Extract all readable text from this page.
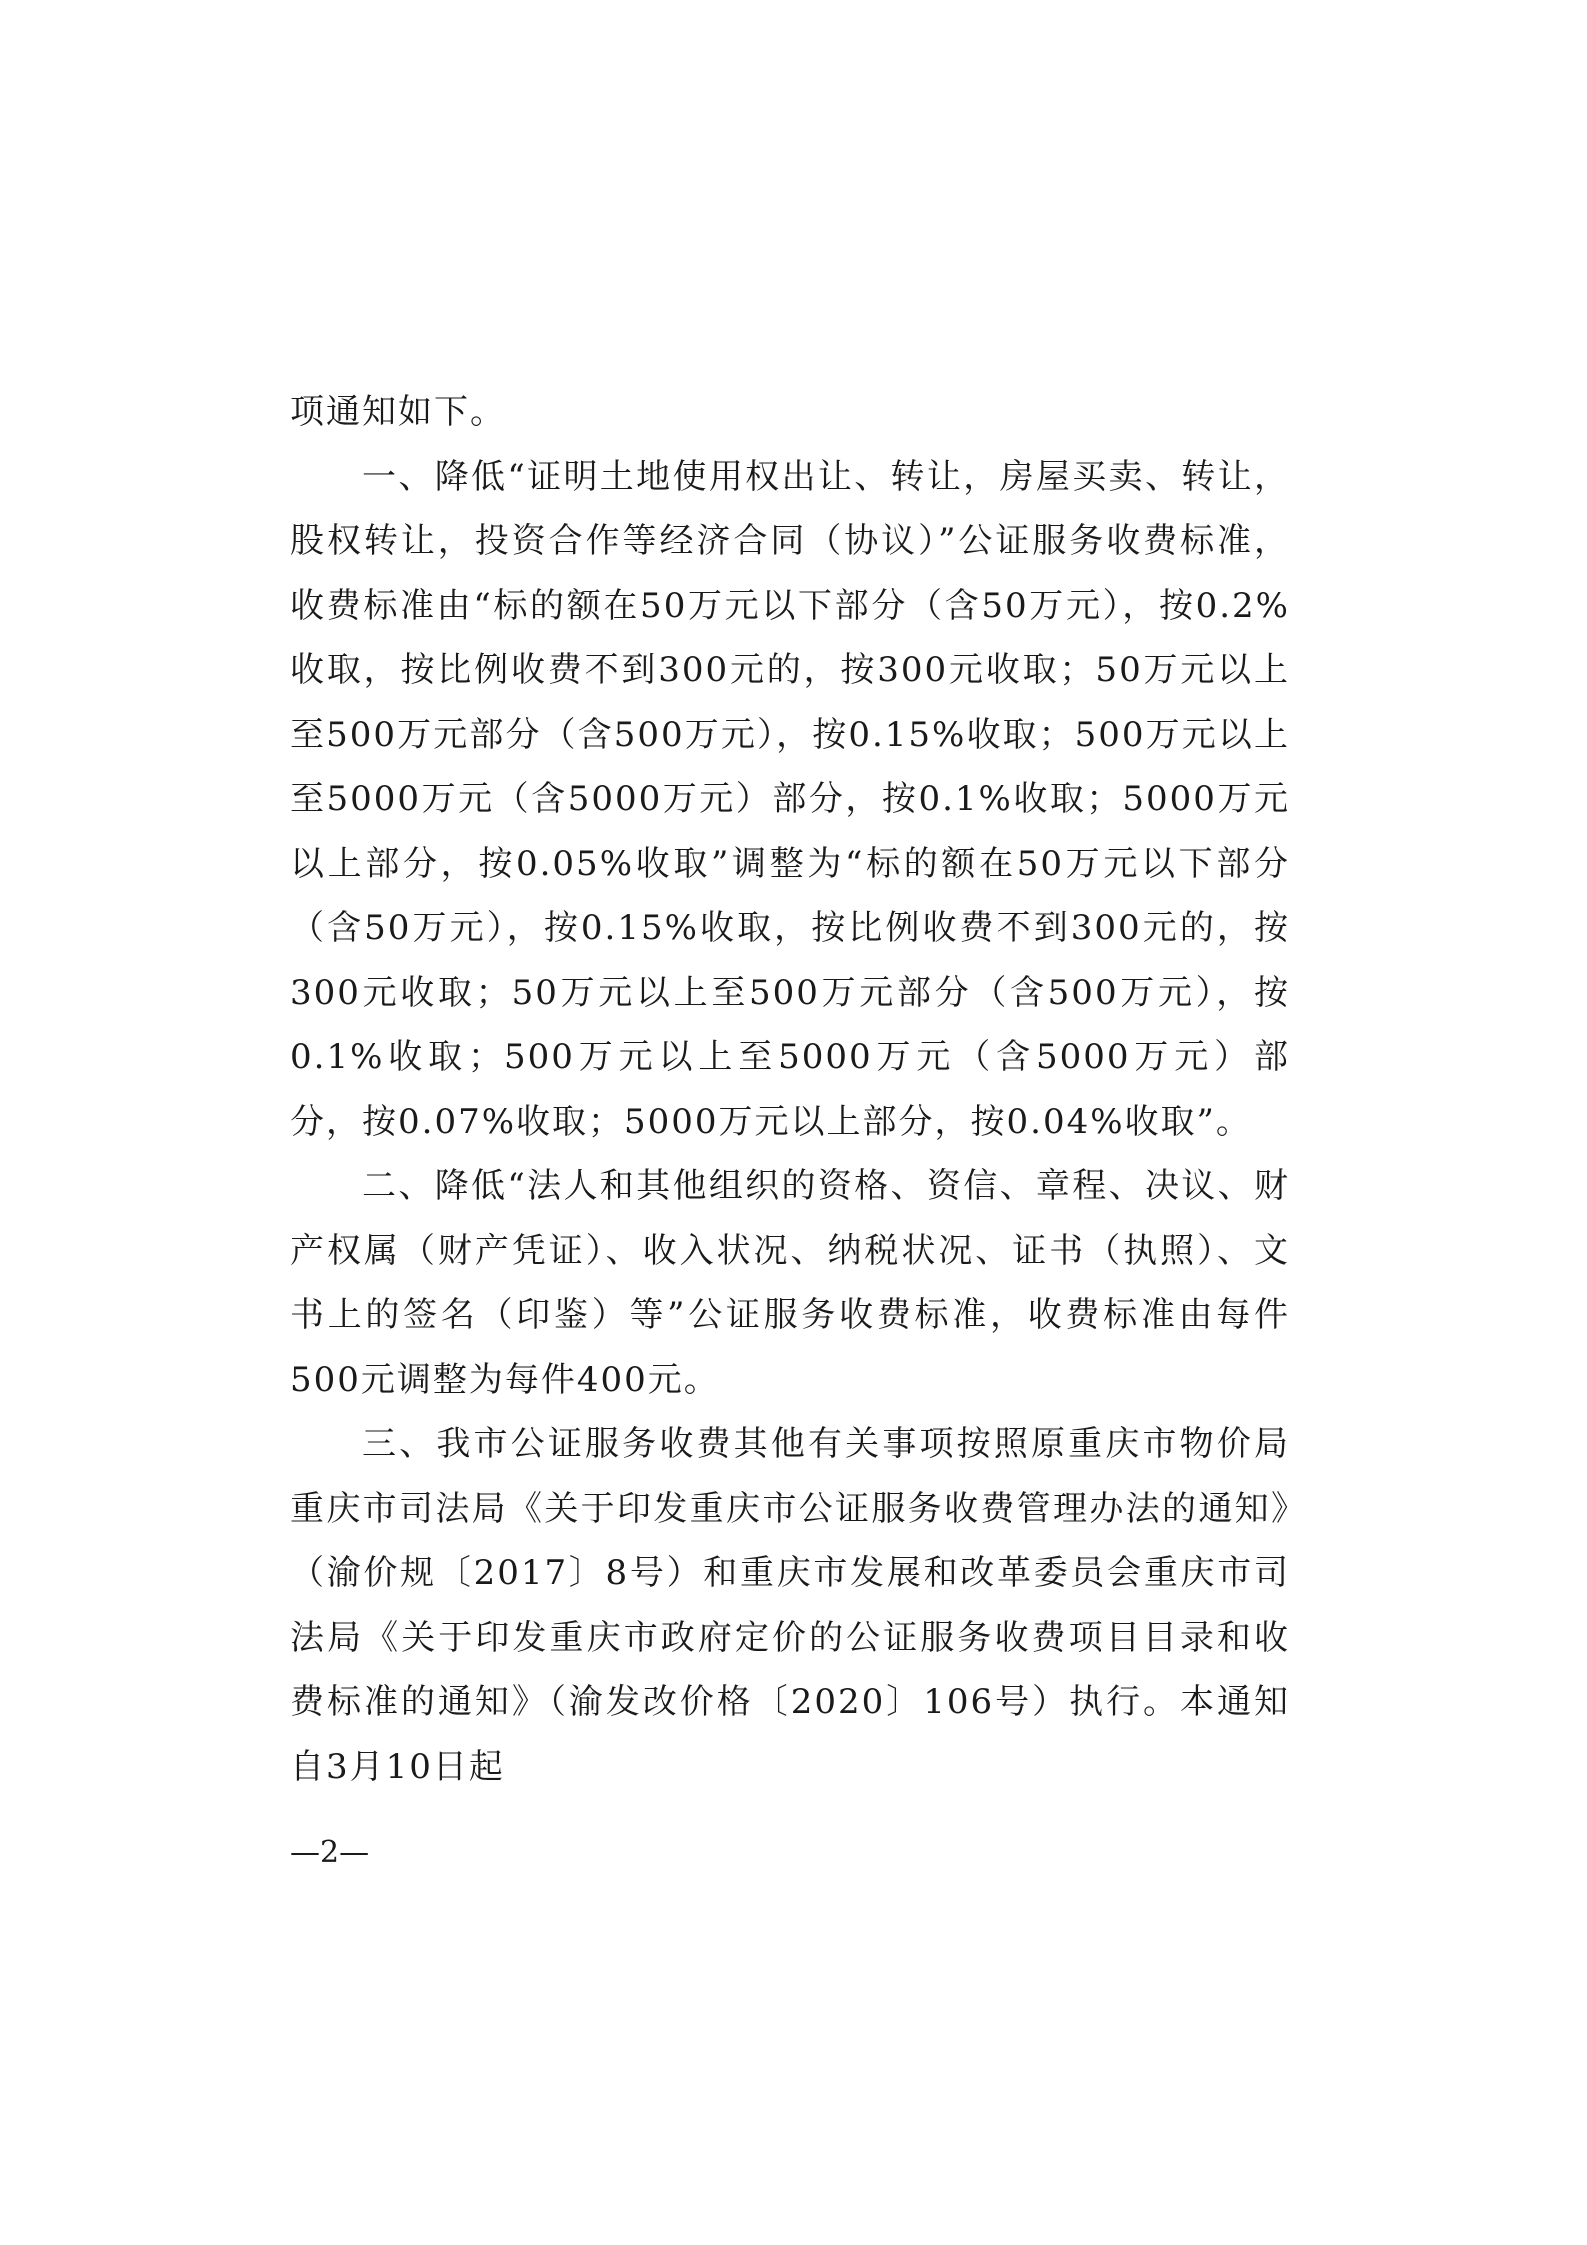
项通知如下。

一、降低“证明土地使用权出让、转让，房屋买卖、转让，股权转让，投资合作等经济合同（协议）”公证服务收费标准，收费标准由“标的额在50万元以下部分（含50万元），按0.2%收取，按比例收费不到300元的，按300元收取；50万元以上至500万元部分（含500万元），按0.15%收取；500万元以上至5000万元（含5000万元）部分，按0.1%收取；5000万元以上部分，按0.05%收取”调整为“标的额在50万元以下部分（含50万元），按0.15%收取，按比例收费不到300元的，按300元收取；50万元以上至500万元部分（含500万元），按0.1%收取；500万元以上至5000万元（含5000万元）部分，按0.07%收取；5000万元以上部分，按0.04%收取”。

二、降低“法人和其他组织的资格、资信、章程、决议、财产权属（财产凭证）、收入状况、纳税状况、证书（执照）、文书上的签名（印鉴）等”公证服务收费标准，收费标准由每件500元调整为每件400元。

三、我市公证服务收费其他有关事项按照原重庆市物价局重庆市司法局《关于印发重庆市公证服务收费管理办法的通知》（渝价规〔2017〕8号）和重庆市发展和改革委员会重庆市司法局《关于印发重庆市政府定价的公证服务收费项目目录和收费标准的通知》（渝发改价格〔2020〕106号）执行。本通知自3月10日起

—2—
